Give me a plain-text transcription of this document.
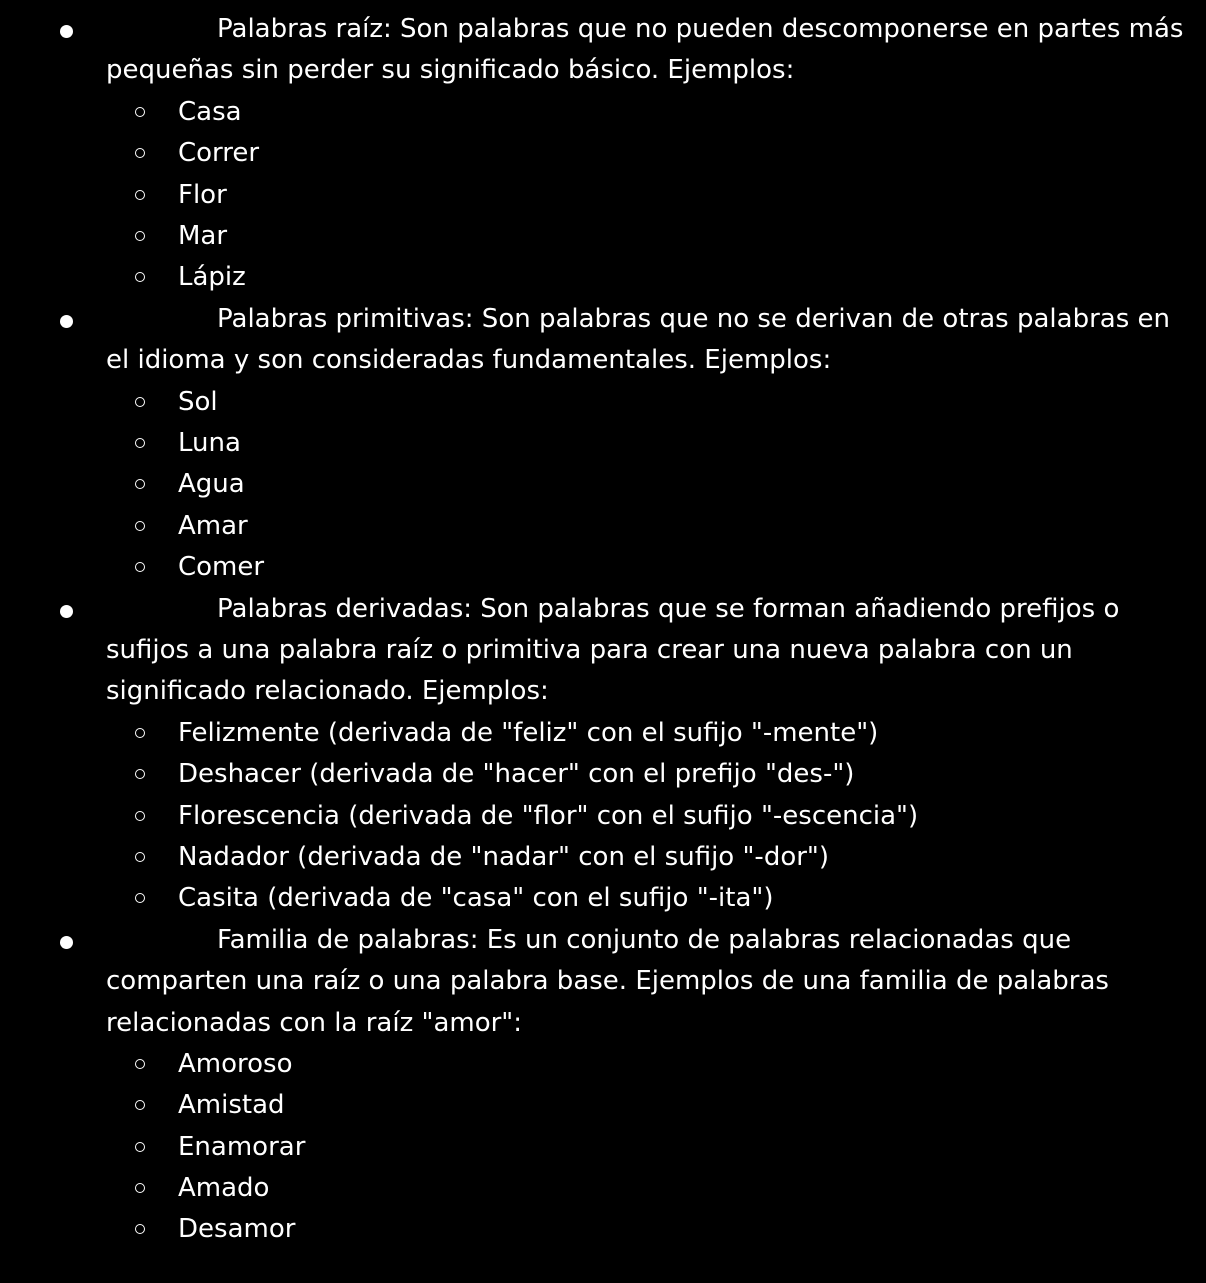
Palabras raíz: Son palabras que no pueden descomponerse en partes más pequeñas sin perder su significado básico. Ejemplos:

Casa
Correr
Flor
Mar
Lápiz

Palabras primitivas: Son palabras que no se derivan de otras palabras en el idioma y son consideradas fundamentales. Ejemplos:

Sol
Luna
Agua
Amar
Comer

Palabras derivadas: Son palabras que se forman añadiendo prefijos o sufijos a una palabra raíz o primitiva para crear una nueva palabra con un significado relacionado. Ejemplos:

Felizmente (derivada de "feliz" con el sufijo "-mente")
Deshacer (derivada de "hacer" con el prefijo "des-")
Florescencia (derivada de "flor" con el sufijo "-escencia")
Nadador (derivada de "nadar" con el sufijo "-dor")
Casita (derivada de "casa" con el sufijo "-ita")

Familia de palabras: Es un conjunto de palabras relacionadas que comparten una raíz o una palabra base. Ejemplos de una familia de palabras relacionadas con la raíz "amor":

Amoroso
Amistad
Enamorar
Amado
Desamor
